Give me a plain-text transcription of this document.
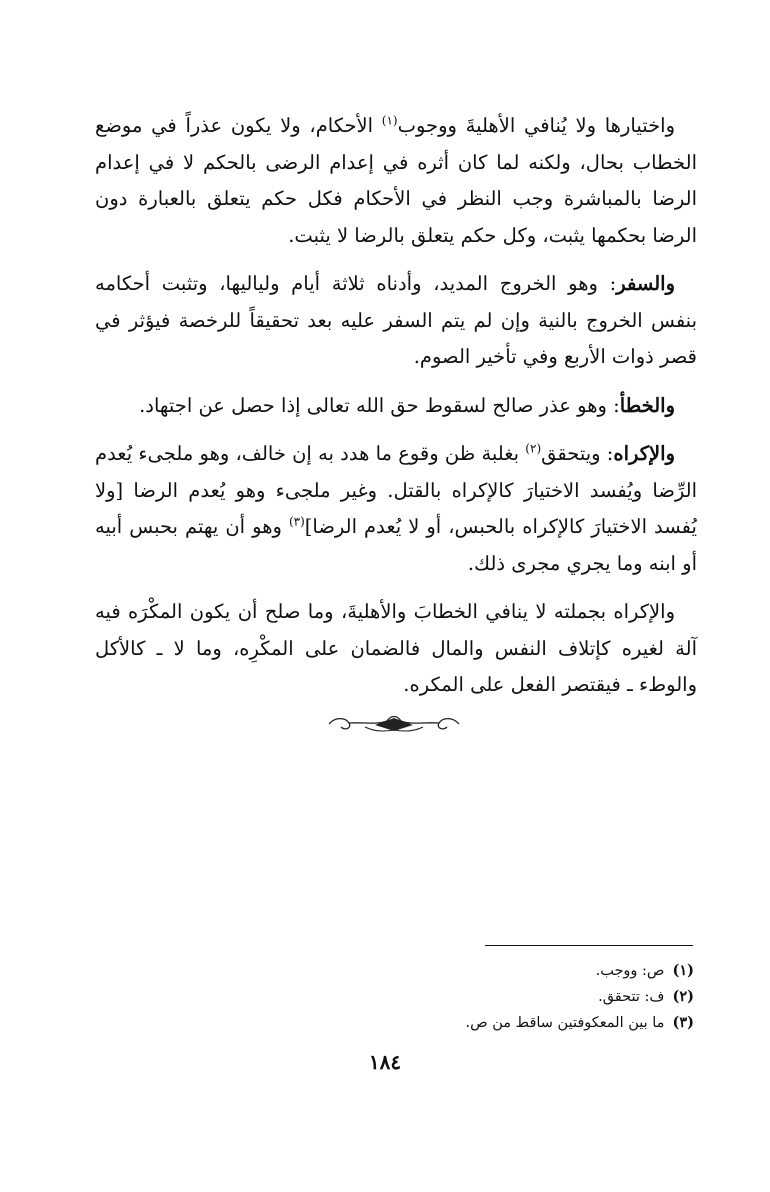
واختيارها ولا يُنافي الأهليةَ ووجوب$^{(١)}$ الأحكام، ولا يكون عذراً في موضع الخطاب بحال، ولكنه لما كان أثره في إعدام الرضى بالحكم لا في إعدام الرضا بالمباشرة وجب النظر في الأحكام فكل حكم يتعلق بالعبارة دون الرضا بحكمها يثبت، وكل حكم يتعلق بالرضا لا يثبت.

والسفر: وهو الخروج المديد، وأدناه ثلاثة أيام ولياليها، وتثبت أحكامه بنفس الخروج بالنية وإن لم يتم السفر عليه بعد تحقيقاً للرخصة فيؤثر في قصر ذوات الأربع وفي تأخير الصوم.

والخطأ: وهو عذر صالح لسقوط حق الله تعالى إذا حصل عن اجتهاد.

والإكراه: ويتحقق$^{(٢)}$ بغلبة ظن وقوع ما هدد به إن خالف، وهو ملجىء يُعدم الرِّضا ويُفسد الاختيارَ كالإكراه بالقتل. وغير ملجىء وهو يُعدم الرضا [ولا يُفسد الاختيارَ كالإكراه بالحبس، أو لا يُعدم الرضا]$^{(٣)}$ وهو أن يهتم بحبس أبيه أو ابنه وما يجري مجرى ذلك.

والإكراه بجملته لا ينافي الخطابَ والأهليةَ، وما صلح أن يكون المكْرَه فيه آلة لغيره كإتلاف النفس والمال فالضمان على المكْرِه، وما لا ـ كالأكل والوطء ـ فيقتصر الفعل على المكره.

(١)ص: ووجب.
(٢)ف: تتحقق.
(٣)ما بين المعكوفتين ساقط من ص.
١٨٤
